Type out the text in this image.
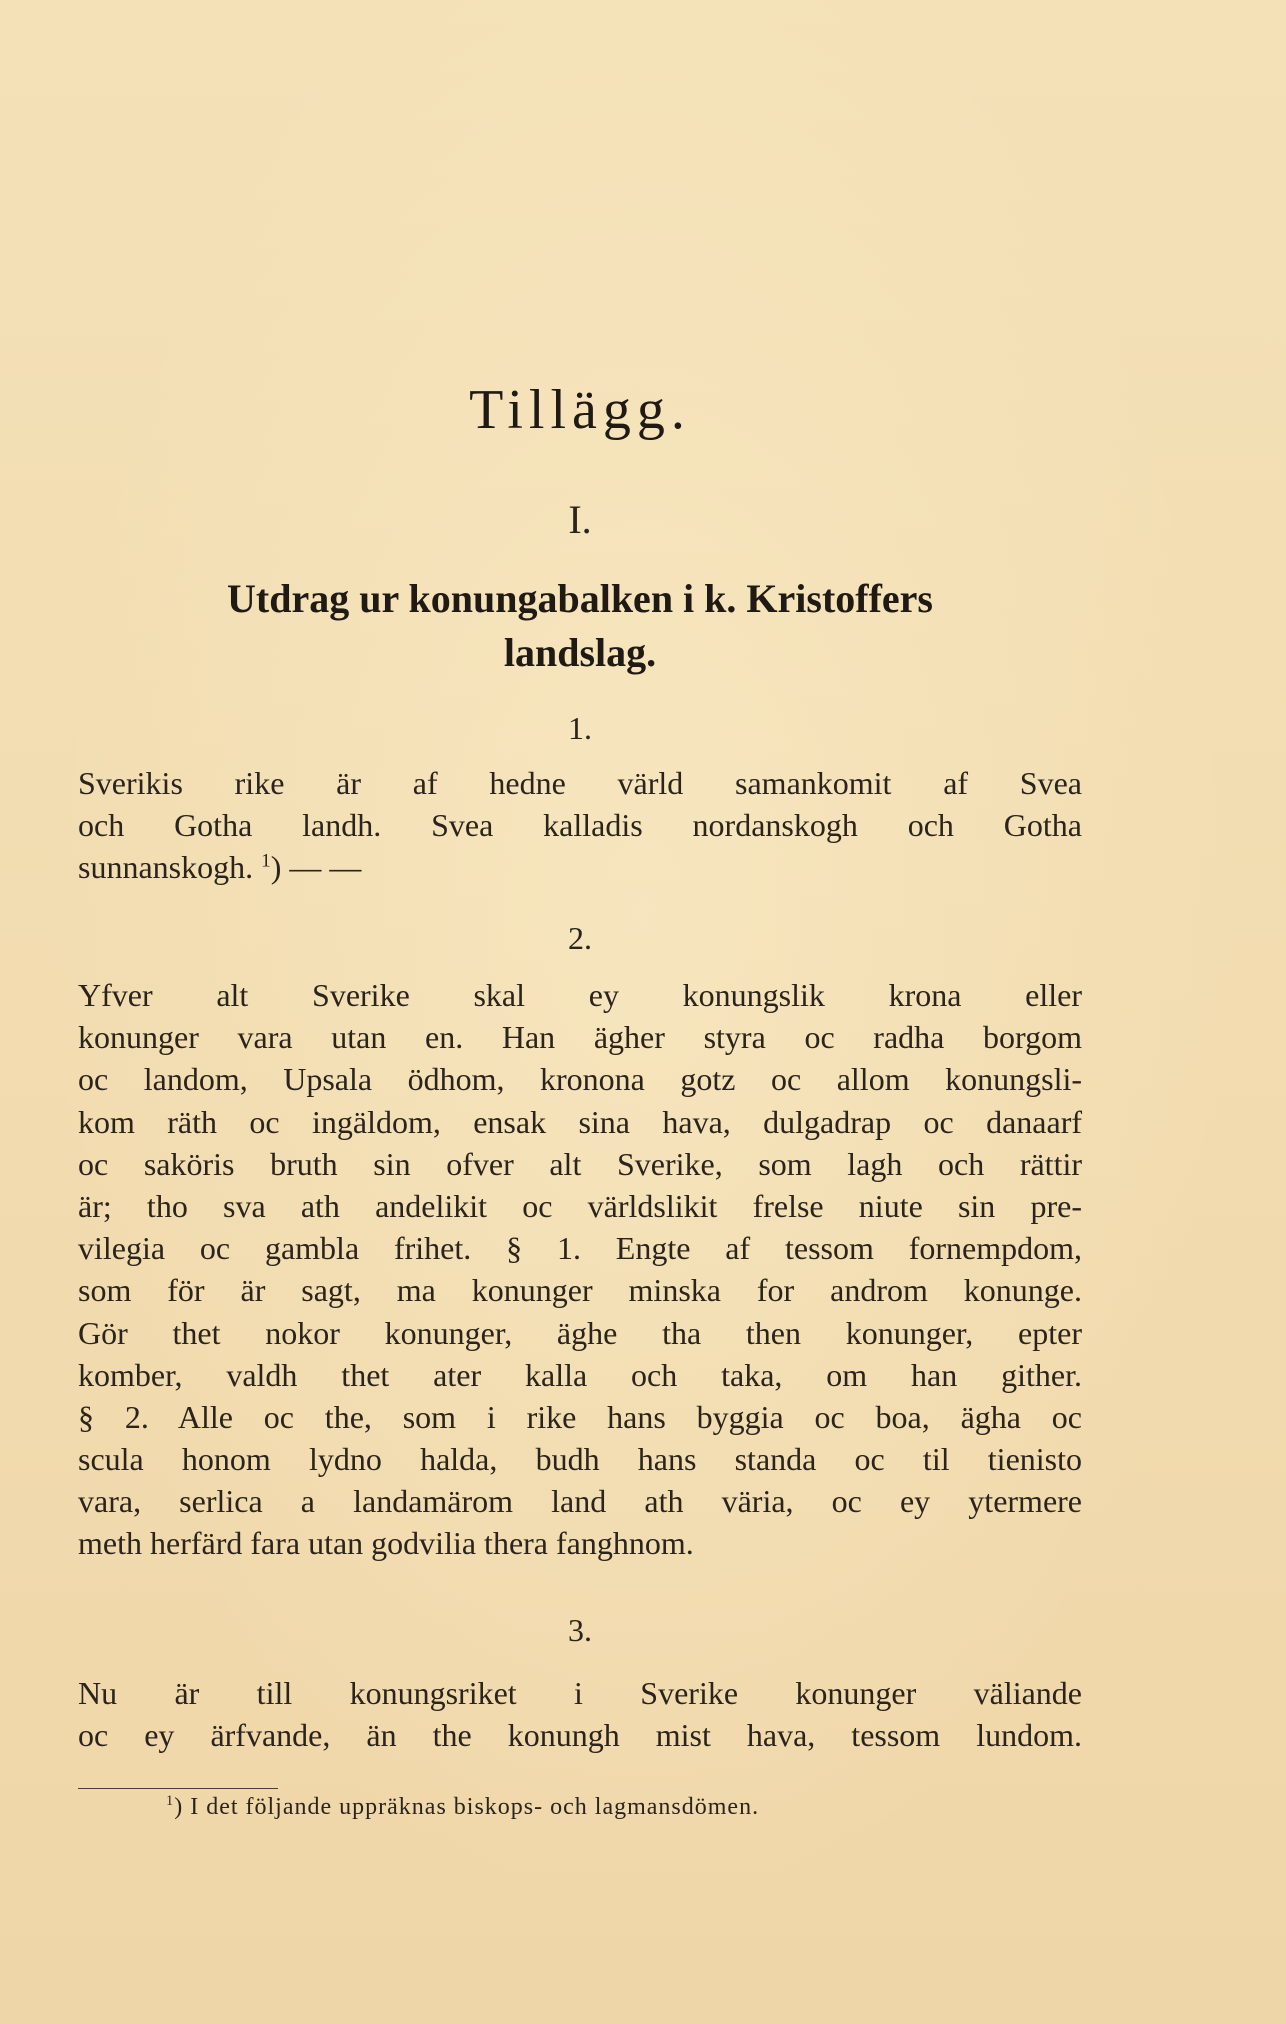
Tillägg.
I.
Utdrag ur konungabalken i k. Kristoffers
landslag.
1.
Sverikis rike är af hedne värld samankomit af Svea
och Gotha landh. Svea kalladis nordanskogh och Gotha
sunnanskogh. $^1$) — —
2.
Yfver alt Sverike skal ey konungslik krona eller
konunger vara utan en. Han ägher styra oc radha borgom
oc landom, Upsala ödhom, kronona gotz oc allom konungsli-
kom räth oc ingäldom, ensak sina hava, dulgadrap oc danaarf
oc saköris bruth sin ofver alt Sverike, som lagh och rättir
är; tho sva ath andelikit oc världslikit frelse niute sin pre-
vilegia oc gambla frihet. § 1. Engte af tessom fornempdom,
som för är sagt, ma konunger minska for androm konunge.
Gör thet nokor konunger, äghe tha then konunger, epter
komber, valdh thet ater kalla och taka, om han gither.
§ 2. Alle oc the, som i rike hans byggia oc boa, ägha oc
scula honom lydno halda, budh hans standa oc til tienisto
vara, serlica a landamärom land ath väria, oc ey ytermere
meth herfärd fara utan godvilia thera fanghnom.
3.
Nu är till konungsriket i Sverike konunger väliande
oc ey ärfvande, än the konungh mist hava, tessom lundom.
$^1$) I det följande uppräknas biskops- och lagmansdömen.
